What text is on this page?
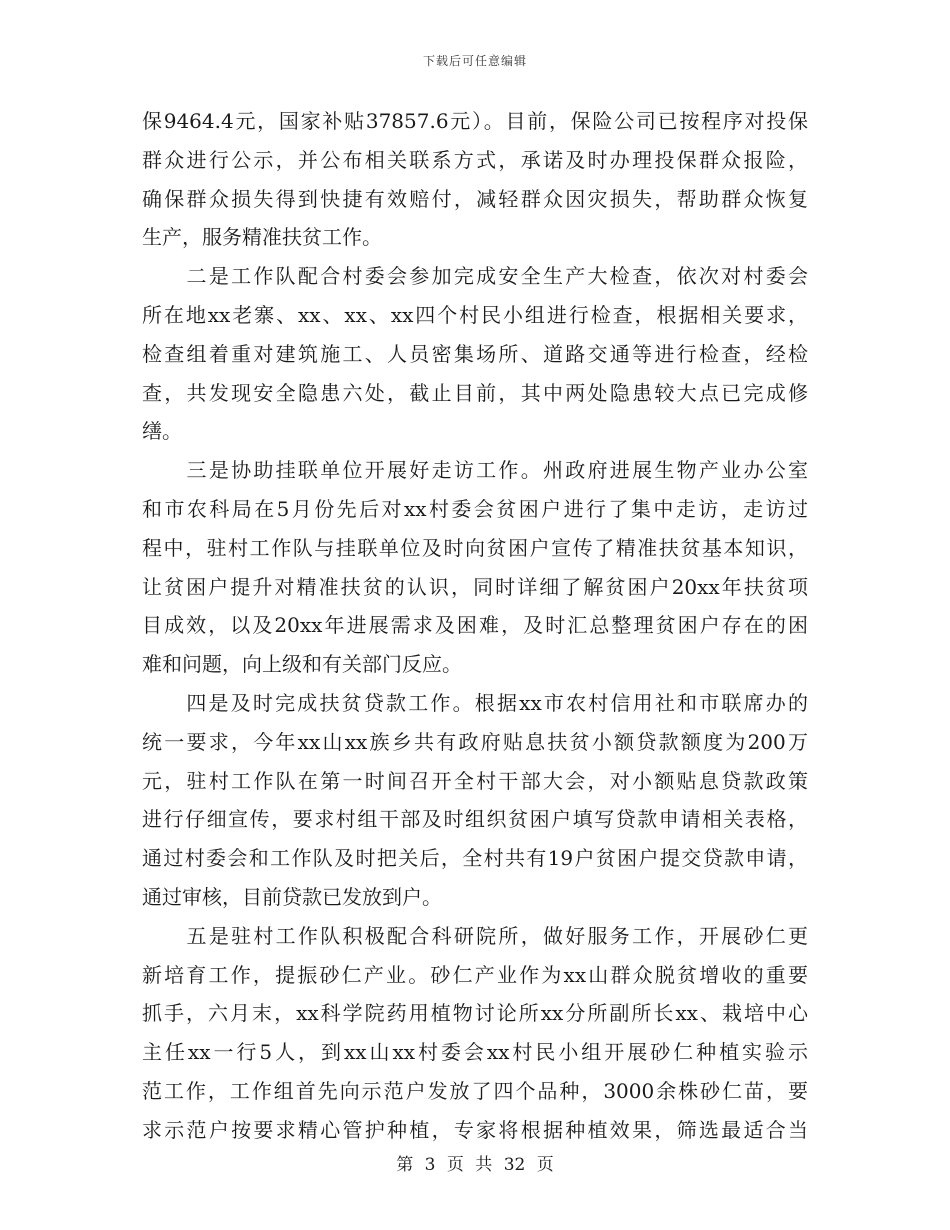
下载后可任意编辑
保9464.4元，国家补贴37857.6元）。目前，保险公司已按程序对投保
群众进行公示，并公布相关联系方式，承诺及时办理投保群众报险，
确保群众损失得到快捷有效赔付，减轻群众因灾损失，帮助群众恢复
生产，服务精准扶贫工作。
　　二是工作队配合村委会参加完成安全生产大检查，依次对村委会
所在地xx老寨、xx、xx、xx四个村民小组进行检查，根据相关要求，
检查组着重对建筑施工、人员密集场所、道路交通等进行检查，经检
查，共发现安全隐患六处，截止目前，其中两处隐患较大点已完成修
缮。
　　三是协助挂联单位开展好走访工作。州政府进展生物产业办公室
和市农科局在5月份先后对xx村委会贫困户进行了集中走访，走访过
程中，驻村工作队与挂联单位及时向贫困户宣传了精准扶贫基本知识，
让贫困户提升对精准扶贫的认识，同时详细了解贫困户20xx年扶贫项
目成效，以及20xx年进展需求及困难，及时汇总整理贫困户存在的困
难和问题，向上级和有关部门反应。
　　四是及时完成扶贫贷款工作。根据xx市农村信用社和市联席办的
统一要求，今年xx山xx族乡共有政府贴息扶贫小额贷款额度为200万
元，驻村工作队在第一时间召开全村干部大会，对小额贴息贷款政策
进行仔细宣传，要求村组干部及时组织贫困户填写贷款申请相关表格，
通过村委会和工作队及时把关后，全村共有19户贫困户提交贷款申请，
通过审核，目前贷款已发放到户。
　　五是驻村工作队积极配合科研院所，做好服务工作，开展砂仁更
新培育工作，提振砂仁产业。砂仁产业作为xx山群众脱贫增收的重要
抓手，六月末，xx科学院药用植物讨论所xx分所副所长xx、栽培中心
主任xx一行5人，到xx山xx村委会xx村民小组开展砂仁种植实验示
范工作，工作组首先向示范户发放了四个品种，3000余株砂仁苗，要
求示范户按要求精心管护种植，专家将根据种植效果，筛选最适合当
第 3 页 共 32 页
